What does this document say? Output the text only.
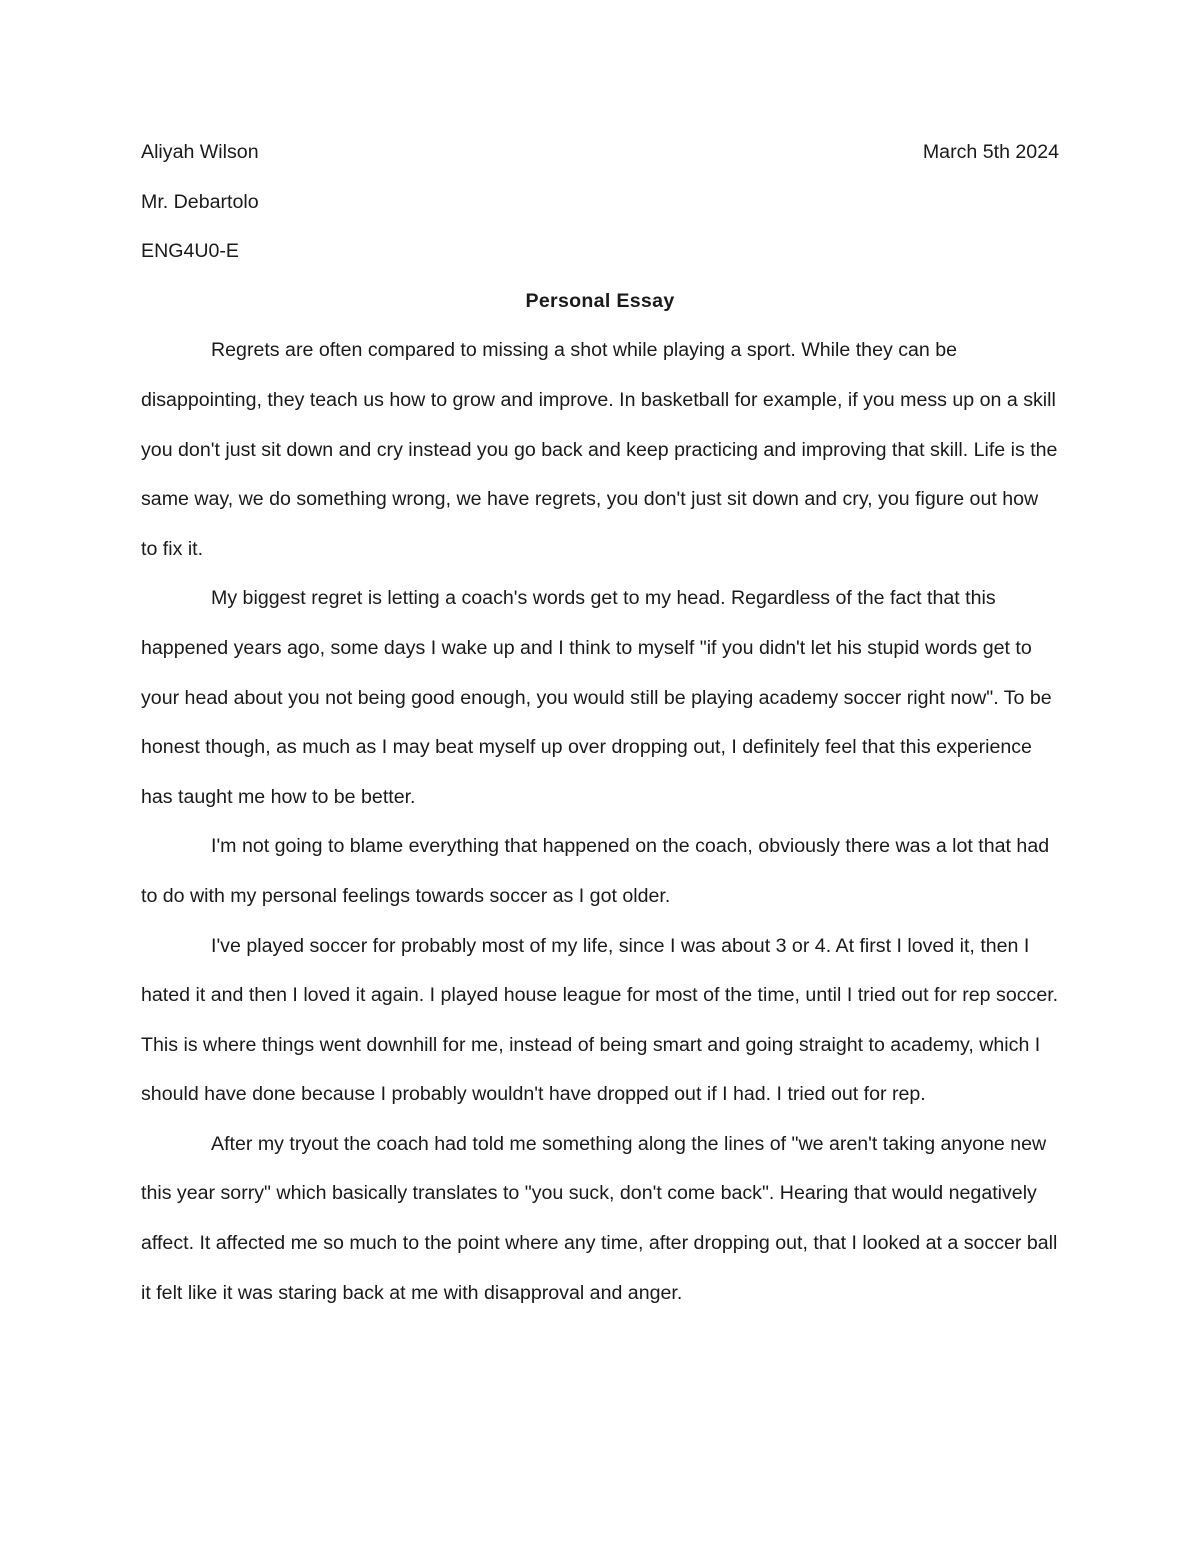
Aliyah Wilson	March 5th 2024
Mr. Debartolo
ENG4U0-E
Personal Essay

Regrets are often compared to missing a shot while playing a sport. While they can be disappointing, they teach us how to grow and improve. In basketball for example, if you mess up on a skill you don't just sit down and cry instead you go back and keep practicing and improving that skill. Life is the same way, we do something wrong, we have regrets, you don't just sit down and cry, you figure out how to fix it.

My biggest regret is letting a coach's words get to my head. Regardless of the fact that this happened years ago, some days I wake up and I think to myself "if you didn't let his stupid words get to your head about you not being good enough, you would still be playing academy soccer right now". To be honest though, as much as I may beat myself up over dropping out, I definitely feel that this experience has taught me how to be better.

I'm not going to blame everything that happened on the coach, obviously there was a lot that had to do with my personal feelings towards soccer as I got older.

I've played soccer for probably most of my life, since I was about 3 or 4. At first I loved it, then I hated it and then I loved it again. I played house league for most of the time, until I tried out for rep soccer. This is where things went downhill for me, instead of being smart and going straight to academy, which I should have done because I probably wouldn't have dropped out if I had. I tried out for rep.

After my tryout the coach had told me something along the lines of "we aren't taking anyone new this year sorry" which basically translates to "you suck, don't come back". Hearing that would negatively affect. It affected me so much to the point where any time, after dropping out, that I looked at a soccer ball it felt like it was staring back at me with disapproval and anger.
